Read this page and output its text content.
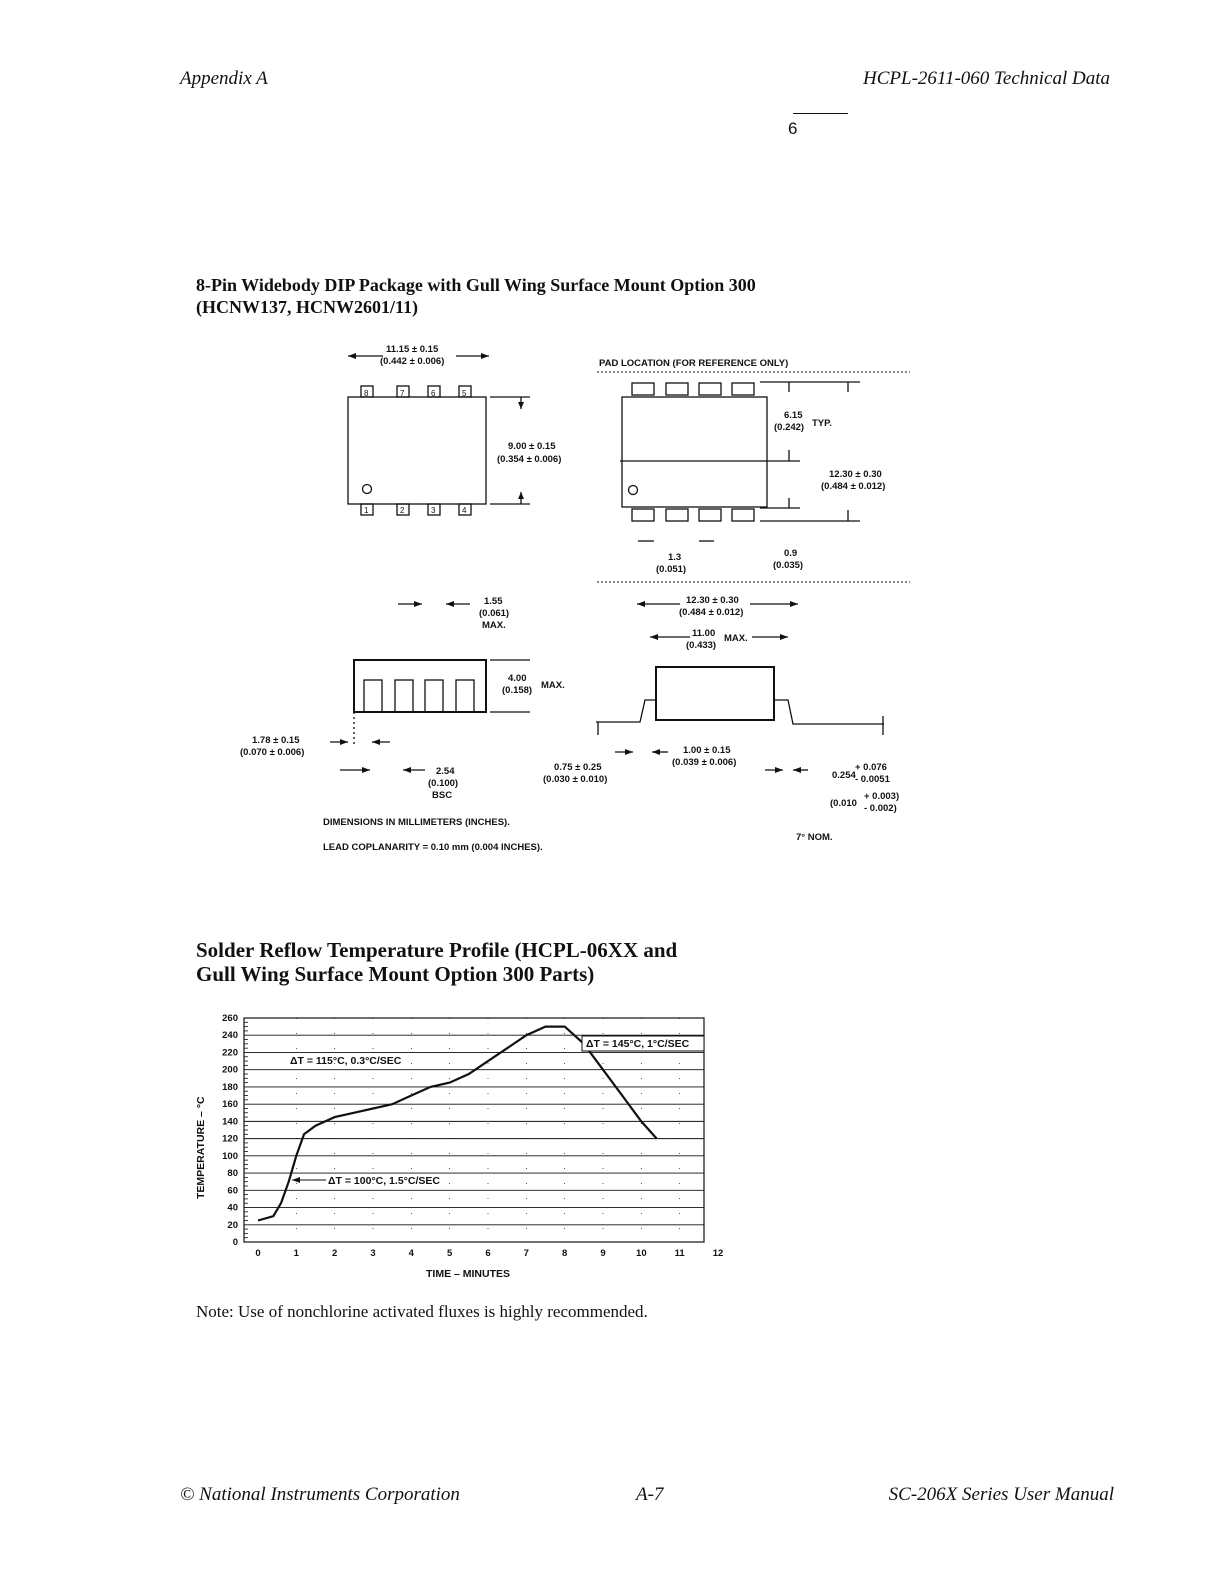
Appendix A	HCPL-2611-060 Technical Data
6
8-Pin Widebody DIP Package with Gull Wing Surface Mount Option 300
(HCNW137, HCNW2601/11)
11.15 ± 0.15
(0.442 ± 0.006)
8	7	6	5
1	2	3	4
9.00 ± 0.15
(0.354 ± 0.006)
PAD LOCATION (FOR REFERENCE ONLY)
6.15
(0.242) TYP.
12.30 ± 0.30
(0.484 ± 0.012)
1.3
(0.051)
0.9
(0.035)
1.55
(0.061)
MAX.
12.30 ± 0.30
(0.484 ± 0.012)
11.00
(0.433)
MAX.
4.00
(0.158) MAX.
1.78 ± 0.15
(0.070 ± 0.006)
2.54
(0.100)
BSC
0.75 ± 0.25
(0.030 ± 0.010)
1.00 ± 0.15
(0.039 ± 0.006)
0.254
+ 0.076
- 0.0051
(0.010
+ 0.003)
- 0.002)
7° NOM.
DIMENSIONS IN MILLIMETERS (INCHES).
LEAD COPLANARITY = 0.10 mm (0.004 INCHES).
Solder Reflow Temperature Profile (HCPL-06XX and
Gull Wing Surface Mount Option 300 Parts)
0
20
40
60
80
100
120
140
160
180
200
220
240
260
0	1	2	3	4	5	6	7	8	9	10	11	12
ΔT = 145°C, 1°C/SEC
ΔT = 115°C, 0.3°C/SEC
ΔT = 100°C, 1.5°C/SEC
TIME – MINUTES
TEMPERATURE – °C
Note: Use of nonchlorine activated fluxes is highly recommended.
© National Instruments Corporation	A-7	SC-206X Series User Manual
